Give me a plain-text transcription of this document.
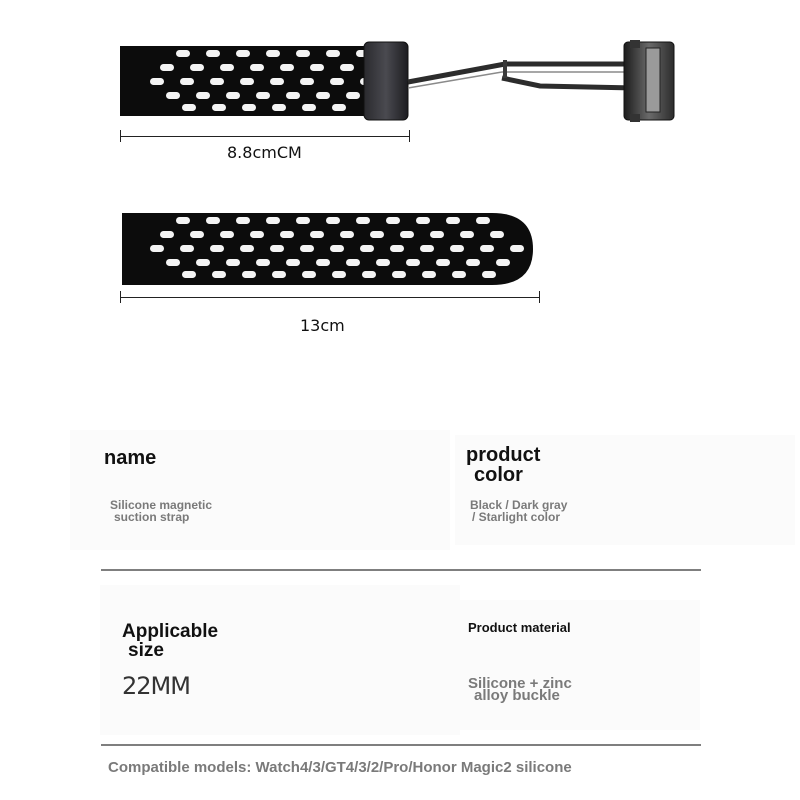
8.8cmCM
13cm
name
Silicone magnetic
suction strap
product
color
Black / Dark gray
/ Starlight color
Applicable
size
22MM
Product material
Silicone + zinc
alloy buckle
Compatible models: Watch4/3/GT4/3/2/Pro/Honor Magic2 silicone
